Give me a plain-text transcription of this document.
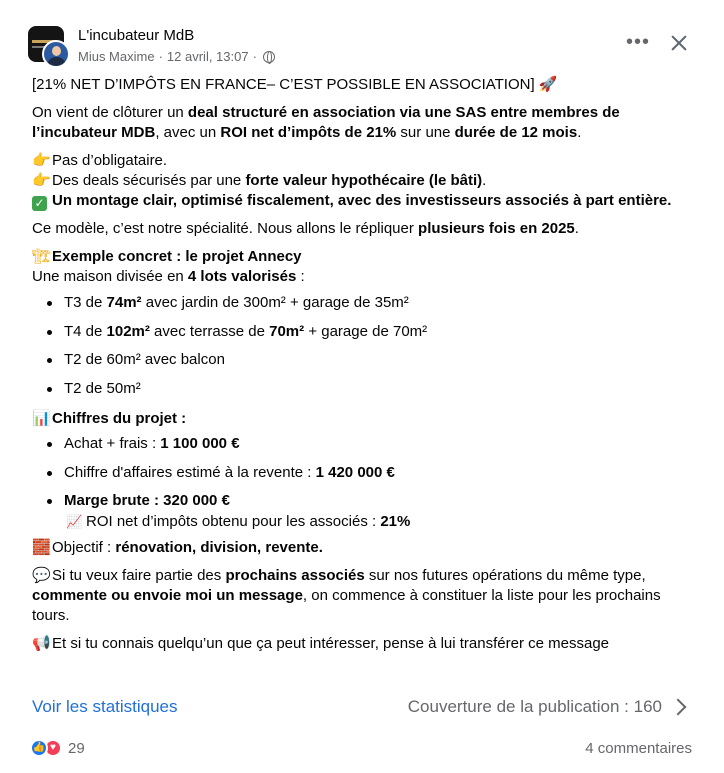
L'incubateur MdB
Mius Maxime · 12 avril, 13:07 ·
•••

[21% NET D’IMPÔTS EN FRANCE– C’EST POSSIBLE EN ASSOCIATION] 🚀

On vient de clôturer un deal structuré en association via une SAS entre membres de l’incubateur MDB, avec un ROI net d’impôts de 21% sur une durée de 12 mois.

👉Pas d’obligataire.

👉Des deals sécurisés par une forte valeur hypothécaire (le bâti).

✓ Un montage clair, optimisé fiscalement, avec des investisseurs associés à part entière.

Ce modèle, c’est notre spécialité. Nous allons le répliquer plusieurs fois en 2025.

🏗Exemple concret : le projet Annecy

Une maison divisée en 4 lots valorisés :

T3 de 74m² avec jardin de 300m² + garage de 35m²
T4 de 102m² avec terrasse de 70m² + garage de 70m²
T2 de 60m² avec balcon
T2 de 50m²

📊Chiffres du projet :

Achat + frais : 1 100 000 €
Chiffre d'affaires estimé à la revente : 1 420 000 €
Marge brute : 320 000 €
📈 ROI net d’impôts obtenu pour les associés : 21%

🧱Objectif : rénovation, division, revente.

💬Si tu veux faire partie des prochains associés sur nos futures opérations du même type, commente ou envoie moi un message, on commence à constituer la liste pour les prochains tours.

📢Et si tu connais quelqu’un que ça peut intéresser, pense à lui transférer ce message

Voir les statistiques	Couverture de la publication : 160
👍 ♥ 29	4 commentaires
